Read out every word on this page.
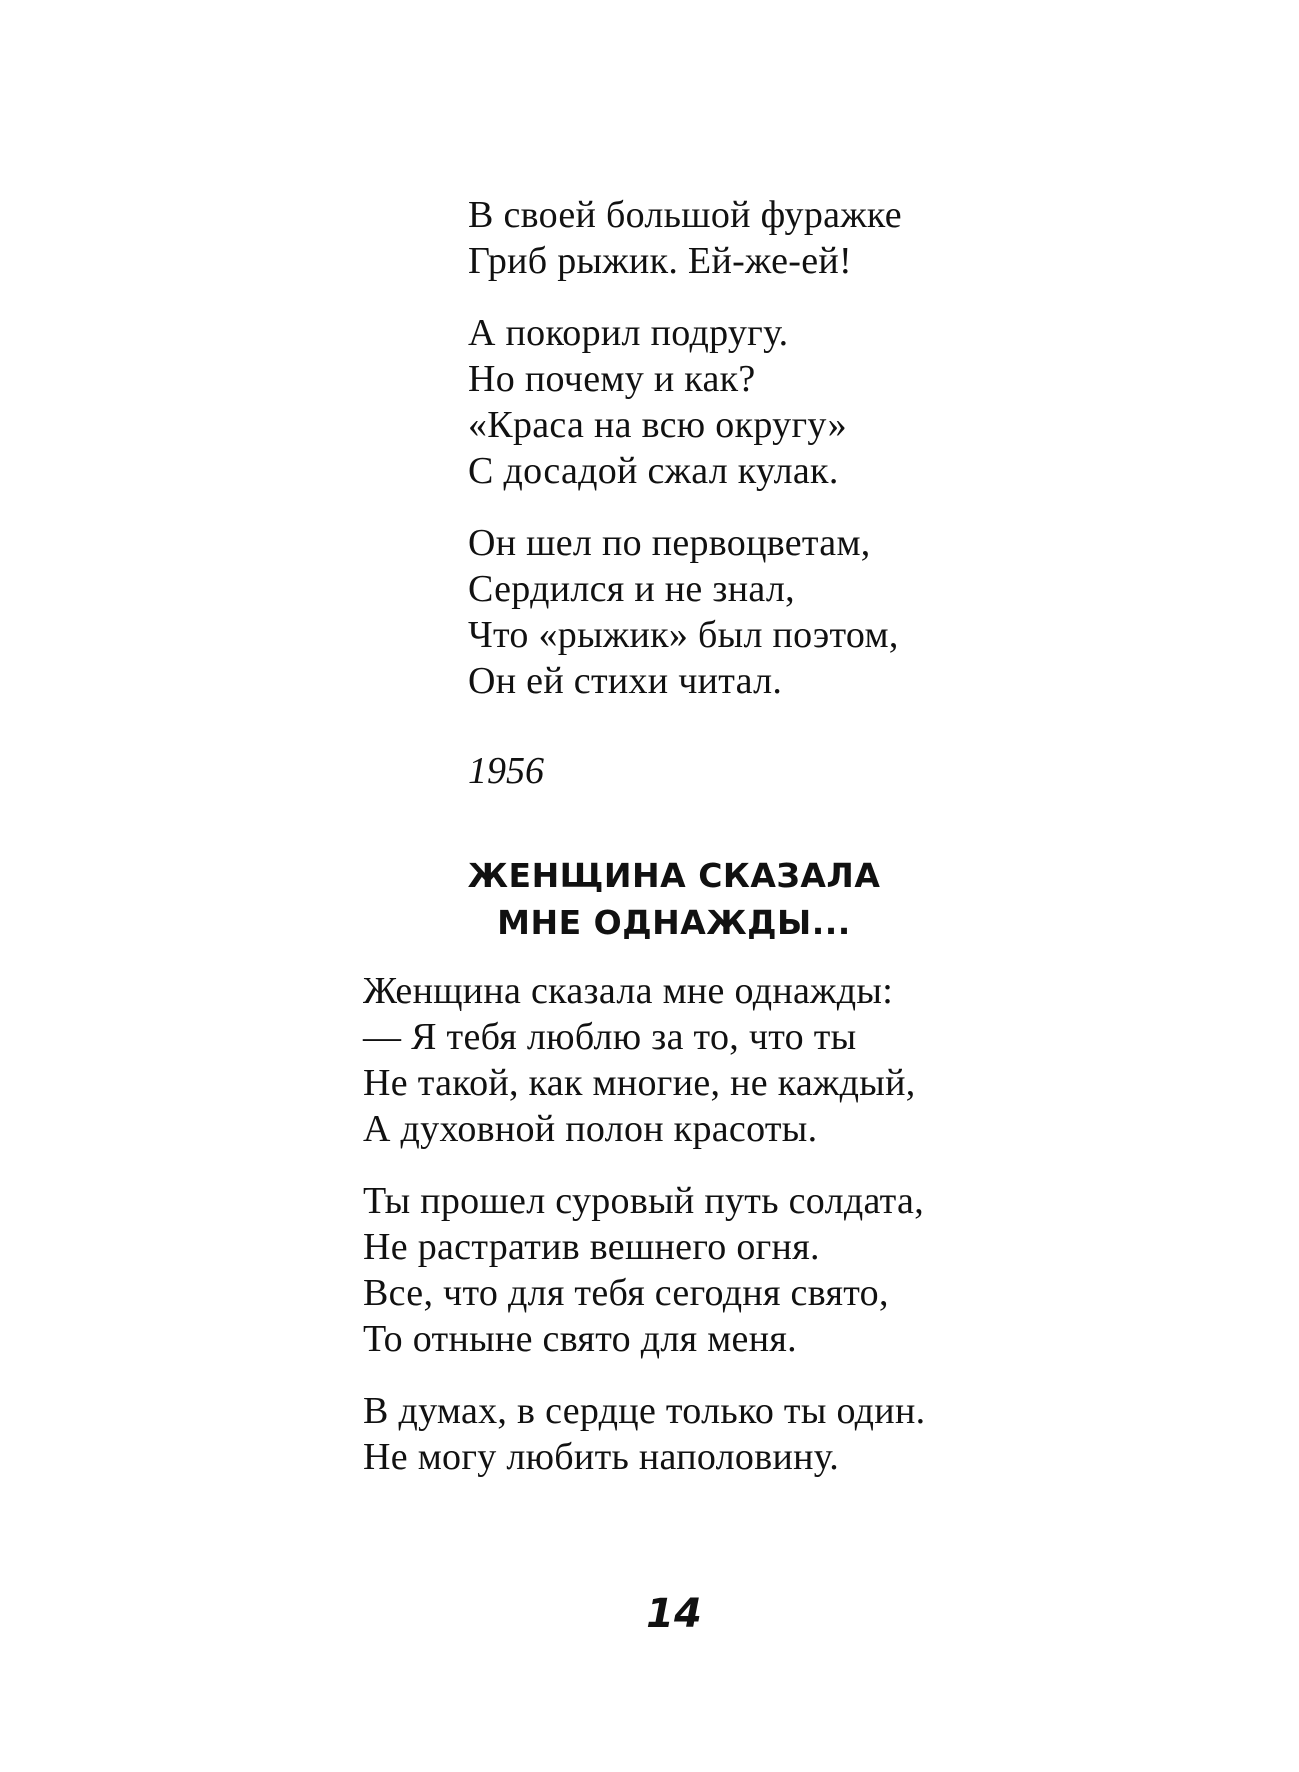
В своей большой фуражке
Гриб рыжик. Ей-же-ей!
А покорил подругу.
Но почему и как?
«Краса на всю округу»
С досадой сжал кулак.
Он шел по первоцветам,
Сердился и не знал,
Что «рыжик» был поэтом,
Он ей стихи читал.
1956
ЖЕНЩИНА СКАЗАЛА
МНЕ ОДНАЖДЫ...
Женщина сказала мне однажды:
— Я тебя люблю за то, что ты
Не такой, как многие, не каждый,
А духовной полон красоты.
Ты прошел суровый путь солдата,
Не растратив вешнего огня.
Все, что для тебя сегодня свято,
То отныне свято для меня.
В думах, в сердце только ты один.
Не могу любить наполовину.
14
